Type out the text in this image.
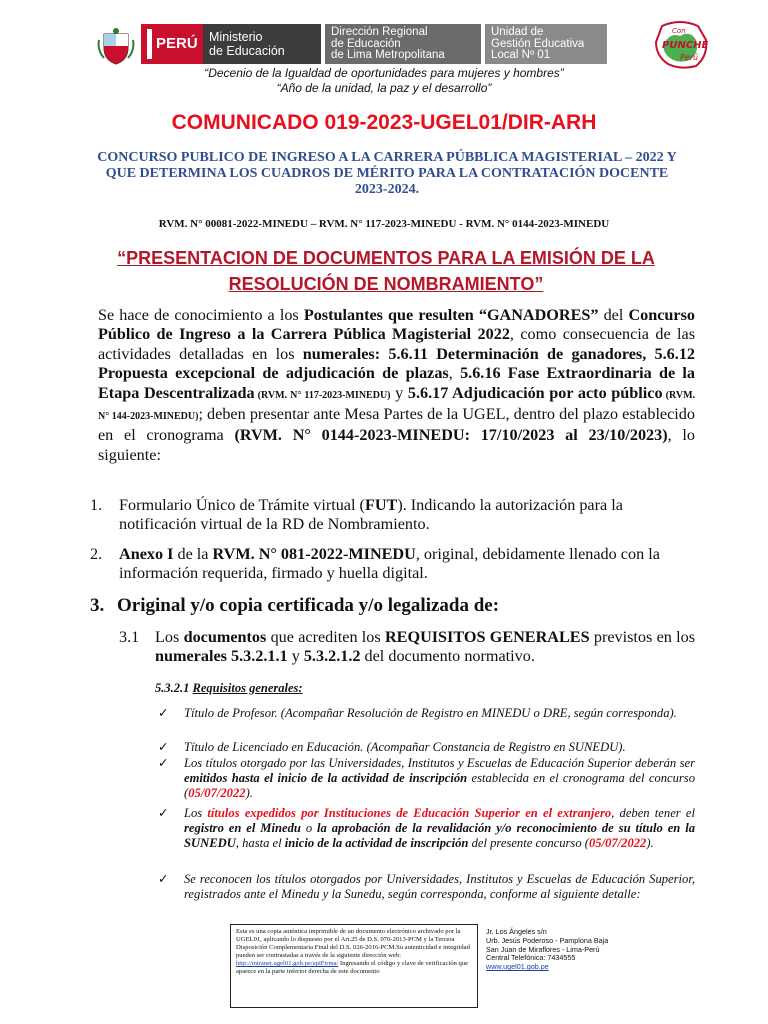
PERÚ Ministerio
de Educación
Dirección Regional
de Educación
de Lima Metropolitana
Unidad de
Gestión Educativa
Local Nº 01
Con
PUNCHE
Perú
“Decenio de la Igualdad de oportunidades para mujeres y hombres”
“Año de la unidad, la paz y el desarrollo”
COMUNICADO 019-2023-UGEL01/DIR-ARH
CONCURSO PUBLICO DE INGRESO A LA CARRERA PÚBBLICA MAGISTERIAL – 2022 Y QUE DETERMINA LOS CUADROS DE MÉRITO PARA LA CONTRATACIÓN DOCENTE 2023-2024.
RVM. N° 00081-2022-MINEDU – RVM. N° 117-2023-MINEDU - RVM. N° 0144-2023-MINEDU
“PRESENTACION DE DOCUMENTOS PARA LA EMISIÓN DE LA RESOLUCIÓN DE NOMBRAMIENTO”
Se hace de conocimiento a los Postulantes que resulten “GANADORES” del Concurso Público de Ingreso a la Carrera Pública Magisterial 2022, como consecuencia de las actividades detalladas en los numerales: 5.6.11 Determinación de ganadores, 5.6.12 Propuesta excepcional de adjudicación de plazas, 5.6.16 Fase Extraordinaria de la Etapa Descentralizada (RVM. N° 117-2023-MINEDU) y 5.6.17 Adjudicación por acto público (RVM. N° 144-2023-MINEDU); deben presentar ante Mesa Partes de la UGEL, dentro del plazo establecido en el cronograma (RVM. N° 0144-2023-MINEDU: 17/10/2023 al 23/10/2023), lo siguiente:
1. Formulario Único de Trámite virtual (FUT). Indicando la autorización para la notificación virtual de la RD de Nombramiento.
2. Anexo I de la RVM. N° 081-2022-MINEDU, original, debidamente llenado con la información requerida, firmado y huella digital.
3. Original y/o copia certificada y/o legalizada de:
3.1 Los documentos que acrediten los REQUISITOS GENERALES previstos en los numerales 5.3.2.1.1 y 5.3.2.1.2 del documento normativo.
5.3.2.1 Requisitos generales:
✓ Título de Profesor. (Acompañar Resolución de Registro en MINEDU o DRE, según corresponda).
✓ Título de Licenciado en Educación. (Acompañar Constancia de Registro en SUNEDU).
✓ Los títulos otorgado por las Universidades, Institutos y Escuelas de Educación Superior deberán ser emitidos hasta el inicio de la actividad de inscripción establecida en el cronograma del concurso (05/07/2022).
✓ Los títulos expedidos por Instituciones de Educación Superior en el extranjero, deben tener el registro en el Minedu o la aprobación de la revalidación y/o reconocimiento de su título en la SUNEDU, hasta el inicio de la actividad de inscripción del presente concurso (05/07/2022).
✓ Se reconocen los títulos otorgados por Universidades, Institutos y Escuelas de Educación Superior, registrados ante el Minedu y la Sunedu, según corresponda, conforme al siguiente detalle:
Esta es una copia auténtica imprimible de un documento electrónico archivado por la UGEL01, aplicando lo dispuesto por el Art.25 de D.S. 070-2013-PCM y la Tercera Disposición Complementaria Final del D.S. 026-2016-PCM.Su autenticidad e integridad pueden ser contrastadas a través de la siguiente dirección web: http://intranet.ugel01.gob.pe/apiFirma/ Ingresando el código y clave de verificación que aparece en la parte inferior derecha de este documento
Jr. Los Ángeles s/n
Urb. Jesús Poderoso - Pamplona Baja
San Juan de Miraflores - Lima-Perú
Central Telefónica: 7434555
www.ugel01.gob.pe
